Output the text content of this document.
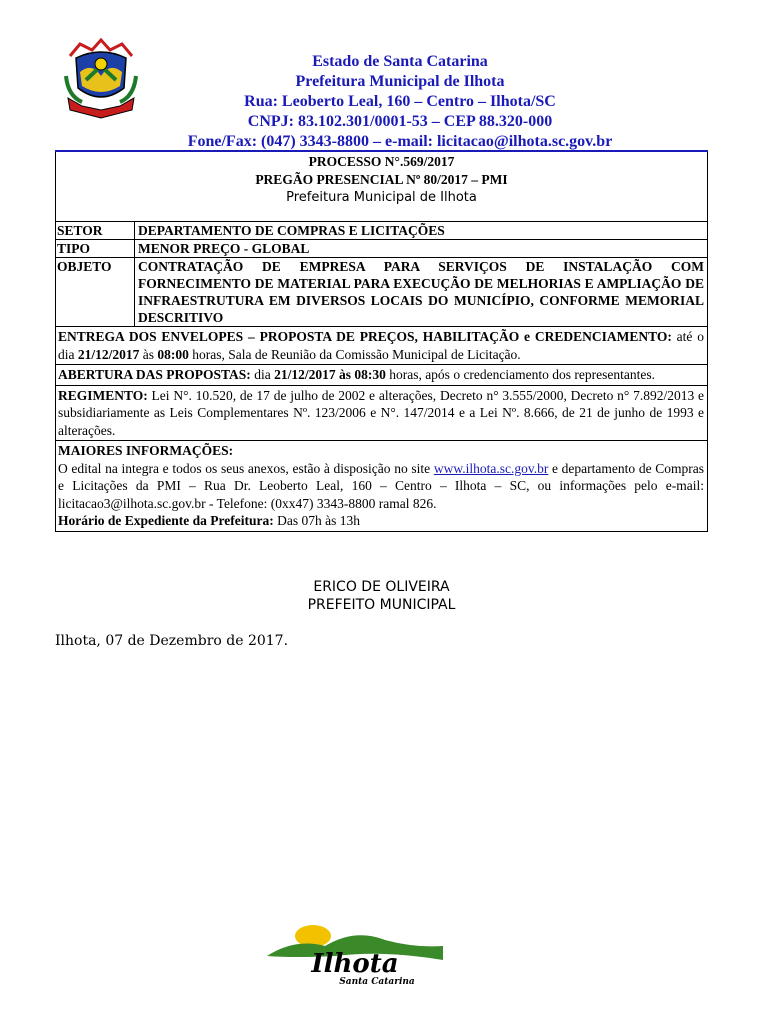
Estado de Santa Catarina
Prefeitura Municipal de Ilhota
Rua: Leoberto Leal, 160 – Centro – Ilhota/SC
CNPJ: 83.102.301/0001-53 – CEP 88.320-000
Fone/Fax: (047) 3343-8800 – e-mail: licitacao@ilhota.sc.gov.br
PROCESSO N°.569/2017
PREGÃO PRESENCIAL Nº 80/2017 – PMI
Prefeitura Municipal de Ilhota
SETOR	DEPARTAMENTO DE COMPRAS E LICITAÇÕES
TIPO	MENOR PREÇO - GLOBAL
OBJETO	CONTRATAÇÃO DE EMPRESA PARA SERVIÇOS DE INSTALAÇÃO COM FORNECIMENTO DE MATERIAL PARA EXECUÇÃO DE MELHORIAS E AMPLIAÇÃO DE INFRAESTRUTURA EM DIVERSOS LOCAIS DO MUNICÍPIO, CONFORME MEMORIAL DESCRITIVO
ENTREGA DOS ENVELOPES – PROPOSTA DE PREÇOS, HABILITAÇÃO e CREDENCIAMENTO: até o dia 21/12/2017 às 08:00 horas, Sala de Reunião da Comissão Municipal de Licitação.
ABERTURA DAS PROPOSTAS: dia 21/12/2017 às 08:30 horas, após o credenciamento dos representantes.
REGIMENTO: Lei N°. 10.520, de 17 de julho de 2002 e alterações, Decreto n° 3.555/2000, Decreto n° 7.892/2013 e subsidiariamente as Leis Complementares Nº. 123/2006 e N°. 147/2014 e a Lei Nº. 8.666, de 21 de junho de 1993 e alterações.
MAIORES INFORMAÇÕES:
O edital na integra e todos os seus anexos, estão à disposição no site www.ilhota.sc.gov.br e departamento de Compras e Licitações da PMI – Rua Dr. Leoberto Leal, 160 – Centro – Ilhota – SC, ou informações pelo e-mail: licitacao3@ilhota.sc.gov.br - Telefone: (0xx47) 3343-8800 ramal 826.
Horário de Expediente da Prefeitura: Das 07h às 13h
ERICO DE OLIVEIRA
PREFEITO MUNICIPAL
Ilhota, 07 de Dezembro de 2017.
Ilhota
Santa Catarina
